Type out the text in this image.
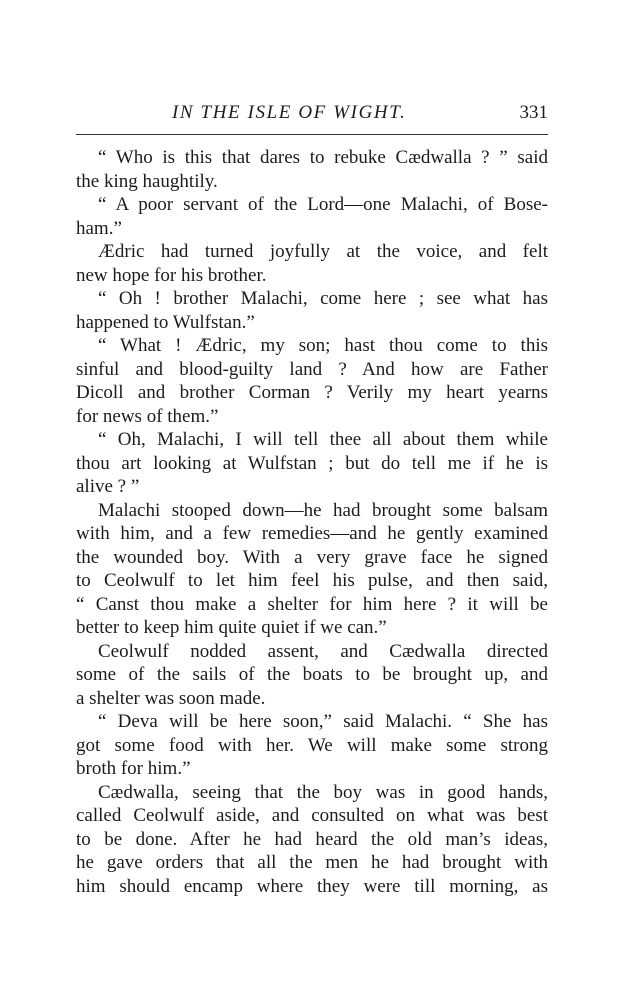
IN THE ISLE OF WIGHT.	331
“ Who is this that dares to rebuke Cædwalla ? ” said
the king haughtily.
“ A poor servant of the Lord—one Malachi, of Bose-
ham.”
Ædric had turned joyfully at the voice, and felt
new hope for his brother.
“ Oh ! brother Malachi, come here ; see what has
happened to Wulfstan.”
“ What ! Ædric, my son; hast thou come to this
sinful and blood-guilty land ? And how are Father
Dicoll and brother Corman ? Verily my heart yearns
for news of them.”
“ Oh, Malachi, I will tell thee all about them while
thou art looking at Wulfstan ; but do tell me if he is
alive ? ”
Malachi stooped down—he had brought some balsam
with him, and a few remedies—and he gently examined
the wounded boy. With a very grave face he signed
to Ceolwulf to let him feel his pulse, and then said,
“ Canst thou make a shelter for him here ? it will be
better to keep him quite quiet if we can.”
Ceolwulf nodded assent, and Cædwalla directed
some of the sails of the boats to be brought up, and
a shelter was soon made.
“ Deva will be here soon,” said Malachi. “ She has
got some food with her. We will make some strong
broth for him.”
Cædwalla, seeing that the boy was in good hands,
called Ceolwulf aside, and consulted on what was best
to be done. After he had heard the old man’s ideas,
he gave orders that all the men he had brought with
him should encamp where they were till morning, as
